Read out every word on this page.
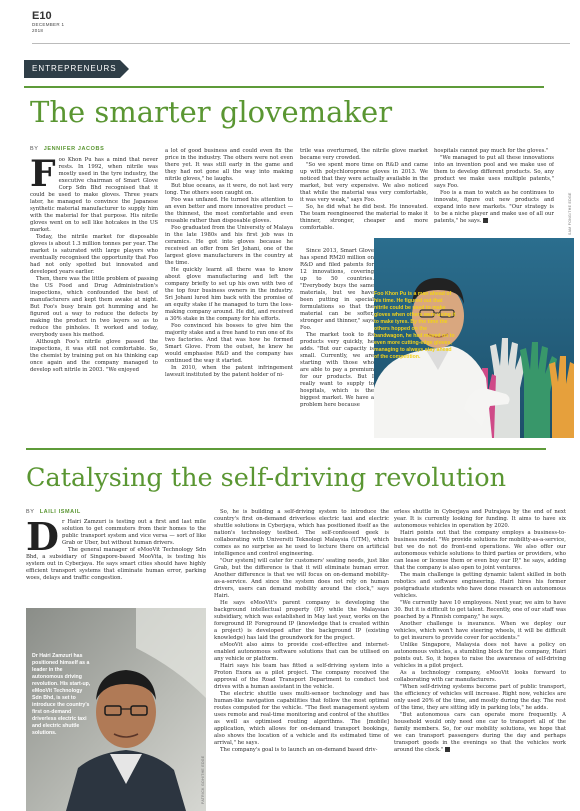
E10
DECEMBER 1
2018
ENTREPRENEURS
The smarter glovemaker
BY JENNIFER JACOBS

Foo Khon Pu has a mind that never rests. In 1992, when nitrile was mostly used in the tyre industry, the executive chairman of Smart Glove Corp Sdn Bhd recognised that it could be used to make gloves. Three years later, he managed to convince the Japanese synthetic material manufacturer to supply him with the material for that purpose. His nitrile gloves went on to sell like hotcakes in the US market.

Today, the nitrile market for disposable gloves is about 1.3 million tonnes per year. The market is saturated with large players who eventually recognised the opportunity that Foo had not only spotted but innovated and developed years earlier.

Then, there was the little problem of passing the US Food and Drug Administration's inspections, which confounded the best of manufacturers and kept them awake at night. But Foo's busy brain got humming and he figured out a way to reduce the defects by making the product in two layers so as to reduce the pinholes. It worked and today, everybody uses his method.

Although Foo's nitrile glove passed the inspections, it was still not comfortable. So, the chemist by training put on his thinking cap once again and the company managed to develop soft nitrile in 2003. "We enjoyed

a lot of good business and could even fix the price in the industry. The others were not even there yet. It was still early in the game and they had not gone all the way into making nitrile gloves," he laughs.

But blue oceans, as it were, do not last very long. The others soon caught on.

Foo was unfazed. He turned his attention to an even better and more innovative product — the thinnest, the most comfortable and even reusable rather than disposable gloves.

Foo graduated from the University of Malaya in the late 1980s and his first job was in ceramics. He got into gloves because he received an offer from Sri Johani, one of the largest glove manufacturers in the country at the time.

He quickly learnt all there was to know about glove manufacturing and left the company briefly to set up his own with two of the top four business owners in the industry. Sri Johani lured him back with the promise of an equity stake if he managed to turn the loss-making company around. He did, and received a 30% stake in the company for his efforts.

Foo convinced his bosses to give him the majority stake and a free hand to run one of its two factories. And that was how he formed Smart Glove. From the outset, he knew he would emphasise R&D and the company has continued the way it started.

In 2010, when the patent infringement lawsuit instituted by the patent holder of ni-

trile was overturned, the nitrile glove market became very crowded.

"So we spent more time on R&D and came up with polychloroprene gloves in 2013. We noticed that they were actually available in the market, but very expensive. We also noticed that while the material was very comfortable, it was very weak," says Foo.

So, he did what he did best. He innovated. The team reengineered the material to make it thinner, stronger, cheaper and more comfortable.

Since 2013, Smart Glove has spend RM20 million on R&D and filed patents for 12 innovations, covering up to 50 countries. "Everybody buys the same materials, but we have been putting in special formulations so that the material can be softer, stronger and thinner," says Foo.

The market took to its products very quickly, he adds. "But our capacity is small. Currently, we are starting with those who are able to pay a premium for our products. But I really want to supply to hospitals, which is the biggest market. We have a problem here because

hospitals cannot pay much for the gloves."

"We managed to put all these innovations into an invention pool and we make use of them to develop different products. So, any product we make uses multiple patents," says Foo.

Foo is a man to watch as he continues to innovate, figure out new products and expand into new markets. "Our strategy is to be a niche player and make use of all our patents," he says.

Foo Khon Pu is a man ahead of his time. He figured out that nitrile could be used to make gloves when others were using it to make tyres. By the time the others hopped on the bandwagon, he had moved on to even more cutting-edge gloves, managing to always stay ahead of the competition.
SAM FONG/THE EDGE
Catalysing the self-driving revolution
BY LAILI ISMAIL

Dr Hairi Zamzuri is testing out a first and last mile solution to get commuters from their homes to the public transport system and vice versa — sort of like Grab or Uber, but without human drivers.

The general manager of eMooVit Technology Sdn Bhd, a subsidiary of Singapore-based MooVita, is testing his system out in Cyberjaya. He says smart cities should have highly efficient transport systems that eliminate human error, parking woes, delays and traffic congestion.

Dr Hairi Zamzuri has positioned himself as a leader in the autonomous driving revolution. His start-up, eMooVit Technology Sdn Bhd, is set to introduce the country's first on-demand driverless electric taxi and electric shuttle solutions.
PATRICK GOH/THE EDGE

So, he is building a self-driving system to introduce the country's first on-demand driverless electric taxi and electric shuttle solutions in Cyberjaya, which has positioned itself as the nation's technology testbed. The self-confessed geek is collaborating with Universiti Teknologi Malaysia (UTM), which comes as no surprise as he used to lecture there on artificial intelligence and control engineering.

"Our system] will cater for customers' seating needs, just like Grab, but the difference is that it will eliminate human error. Another difference is that we will focus on on-demand mobility-as-a-service. And since the system does not rely on human drivers, users can demand mobility around the clock," says Hairi.

He says eMooVit's parent company is developing the background intellectual property (IP) while the Malaysian subsidiary, which was established in May last year, works on the foreground IP. Foreground IP (knowledge that is created within a project) is developed after the background IP (existing knowledge) has laid the groundwork for the project.

eMooVit also aims to provide cost-effective and internet-enabled autonomous software solutions that can be utilised on any vehicle or platform.

Hairi says his team has fitted a self-driving system into a Proton Exora as a pilot project. The company received the approval of the Road Transport Department to conduct test drives with a human assistant in the vehicle.

The electric shuttle uses multi-sensor technology and has human-like navigation capabilities that follow the most optimal routes computed for the vehicle. "The fleet management system uses remote and real-time monitoring and control of the shuttles as well as optimised routing algorithms. The [mobile] application, which allows for on-demand transport bookings, also shows the location of a vehicle and its estimated time of arrival," he says.

The company's goal is to launch an on-demand based driv-

erless shuttle in Cyberjaya and Putrajaya by the end of next year. It is currently looking for funding. It aims to have six autonomous vehicles in operation by 2020.

Hairi points out that the company employs a business-to-business model. "We provide solutions for mobility-as-a-service, but we do not do front-end operations. We also offer our autonomous vehicle solutions to third parties or providers, who can lease or license them or even buy our IP," he says, adding that the company is also open to joint ventures.

The main challenge is getting dynamic talent skilled in both robotics and software engineering. Hairi hires his former postgraduate students who have done research on autonomous vehicles.

"We currently have 10 employees. Next year, we aim to have 30. But it is difficult to get talent. Recently, one of our staff was poached by a Finnish company," he says.

Another challenge is insurance. When we deploy our vehicles, which won't have steering wheels, it will be difficult to get insurers to provide cover for accidents."

Unlike Singapore, Malaysia does not have a policy on autonomous vehicles, a stumbling block for the company, Hairi points out. So, it hopes to raise the awareness of self-driving vehicles in a pilot project.

As a technology company, eMooVit looks forward to collaborating with car manufacturers.

"When self-driving systems become part of public transport, the efficiency of vehicles will increase. Right now, vehicles are only used 20% of the time, and mostly during the day. The rest of the time, they are sitting idly in parking lots," he adds.

"But autonomous cars can operate more frequently. A household would only need one car to transport all of the family members. So, for our mobility solutions, we hope that we can transport passengers during the day and perhaps transport goods in the evenings so that the vehicles work around the clock."
